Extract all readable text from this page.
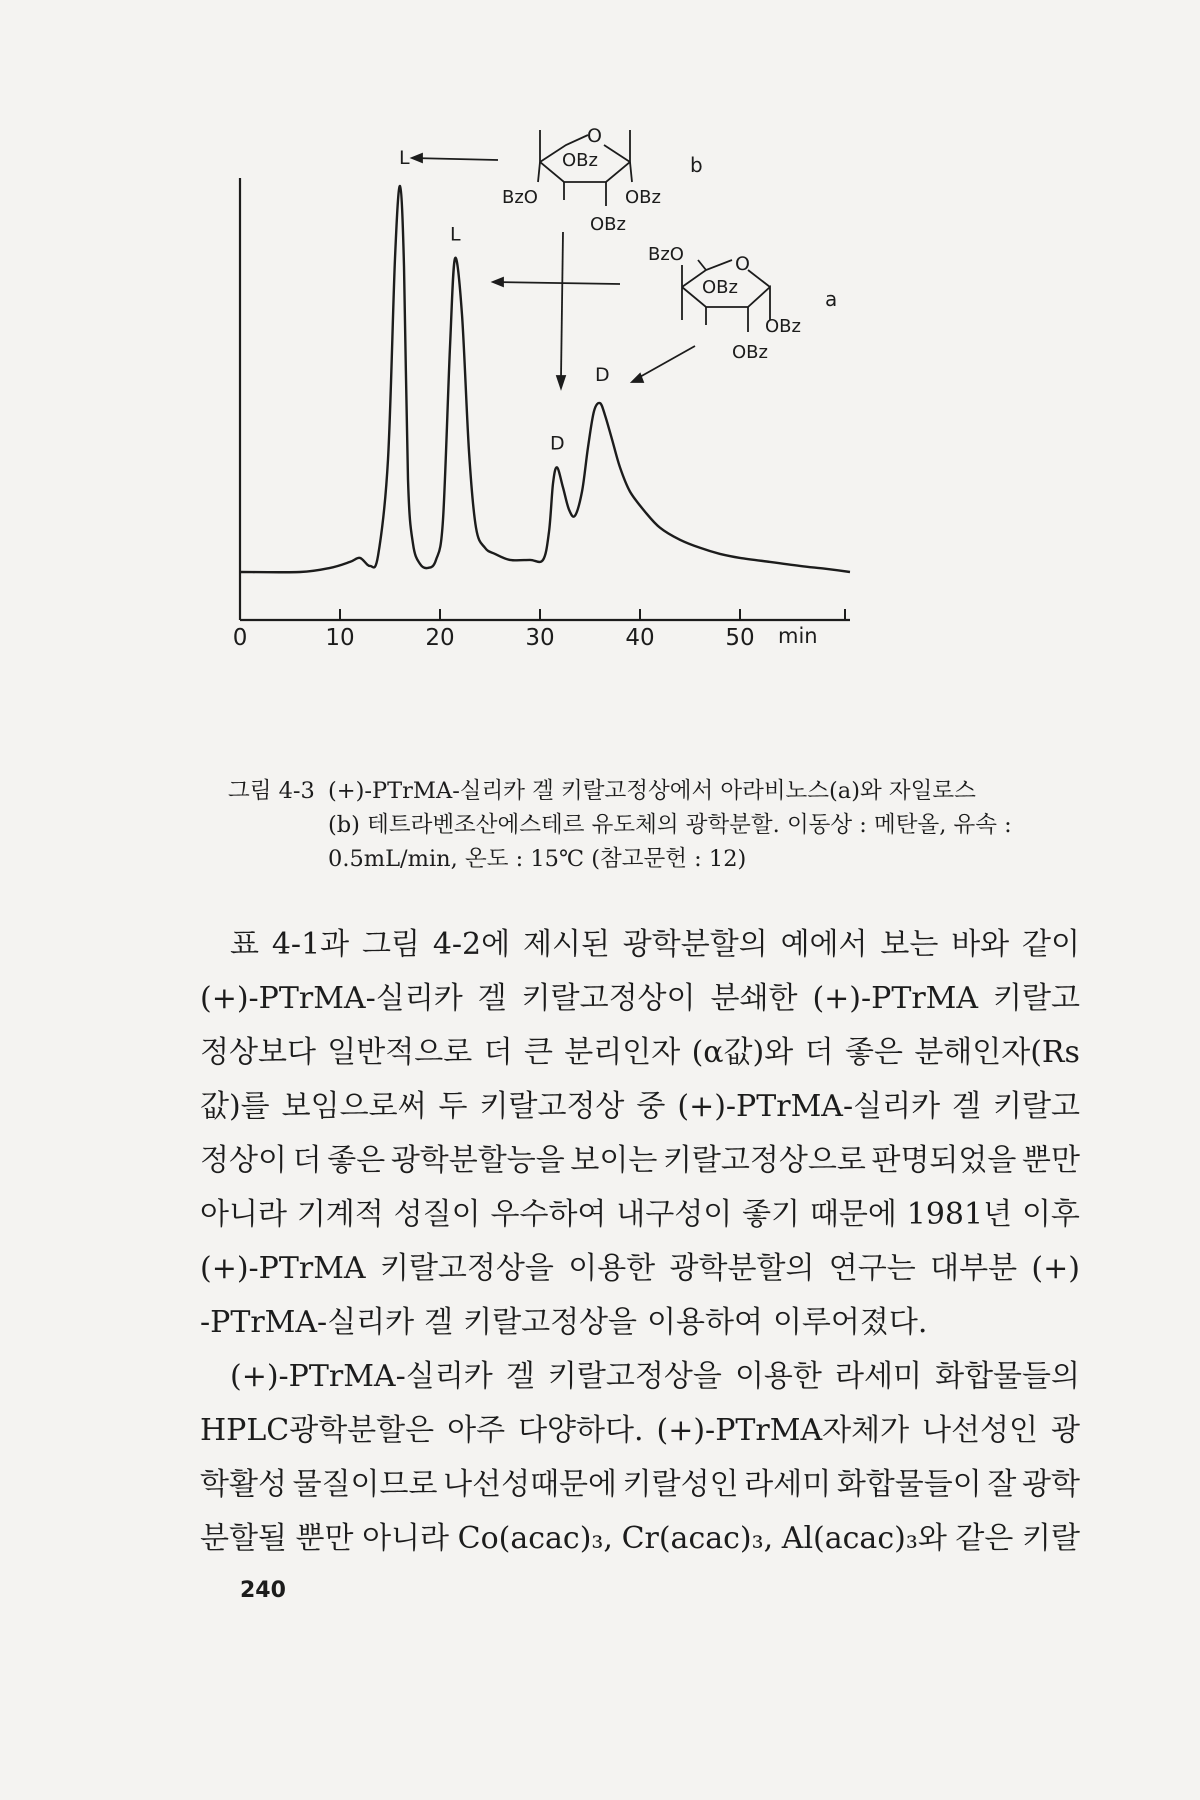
0	10	20	30	40	50 min
L
L
D
D
O
OBz
BzO	OBz
OBz
b
BzO	O
OBz
OBz
OBz
a
그림 4-3 (+)-PTrMA-실리카 겔 키랄고정상에서 아라비노스(a)와 자일로스
(b) 테트라벤조산에스테르 유도체의 광학분할. 이동상 : 메탄올, 유속 :
0.5mL/min, 온도 : 15℃ (참고문헌 : 12)
표 4-1과 그림 4-2에 제시된 광학분할의 예에서 보는 바와 같이
(+)-PTrMA-실리카 겔 키랄고정상이 분쇄한 (+)-PTrMA 키랄고
정상보다 일반적으로 더 큰 분리인자 (α값)와 더 좋은 분해인자(Rs
값)를 보임으로써 두 키랄고정상 중 (+)-PTrMA-실리카 겔 키랄고
정상이 더 좋은 광학분할능을 보이는 키랄고정상으로 판명되었을 뿐만
아니라 기계적 성질이 우수하여 내구성이 좋기 때문에 1981년 이후
(+)-PTrMA 키랄고정상을 이용한 광학분할의 연구는 대부분 (+)
-PTrMA-실리카 겔 키랄고정상을 이용하여 이루어졌다.
(+)-PTrMA-실리카 겔 키랄고정상을 이용한 라세미 화합물들의
HPLC광학분할은 아주 다양하다. (+)-PTrMA자체가 나선성인 광
학활성 물질이므로 나선성때문에 키랄성인 라세미 화합물들이 잘 광학
분할될 뿐만 아니라 Co(acac)₃, Cr(acac)₃, Al(acac)₃와 같은 키랄
240
